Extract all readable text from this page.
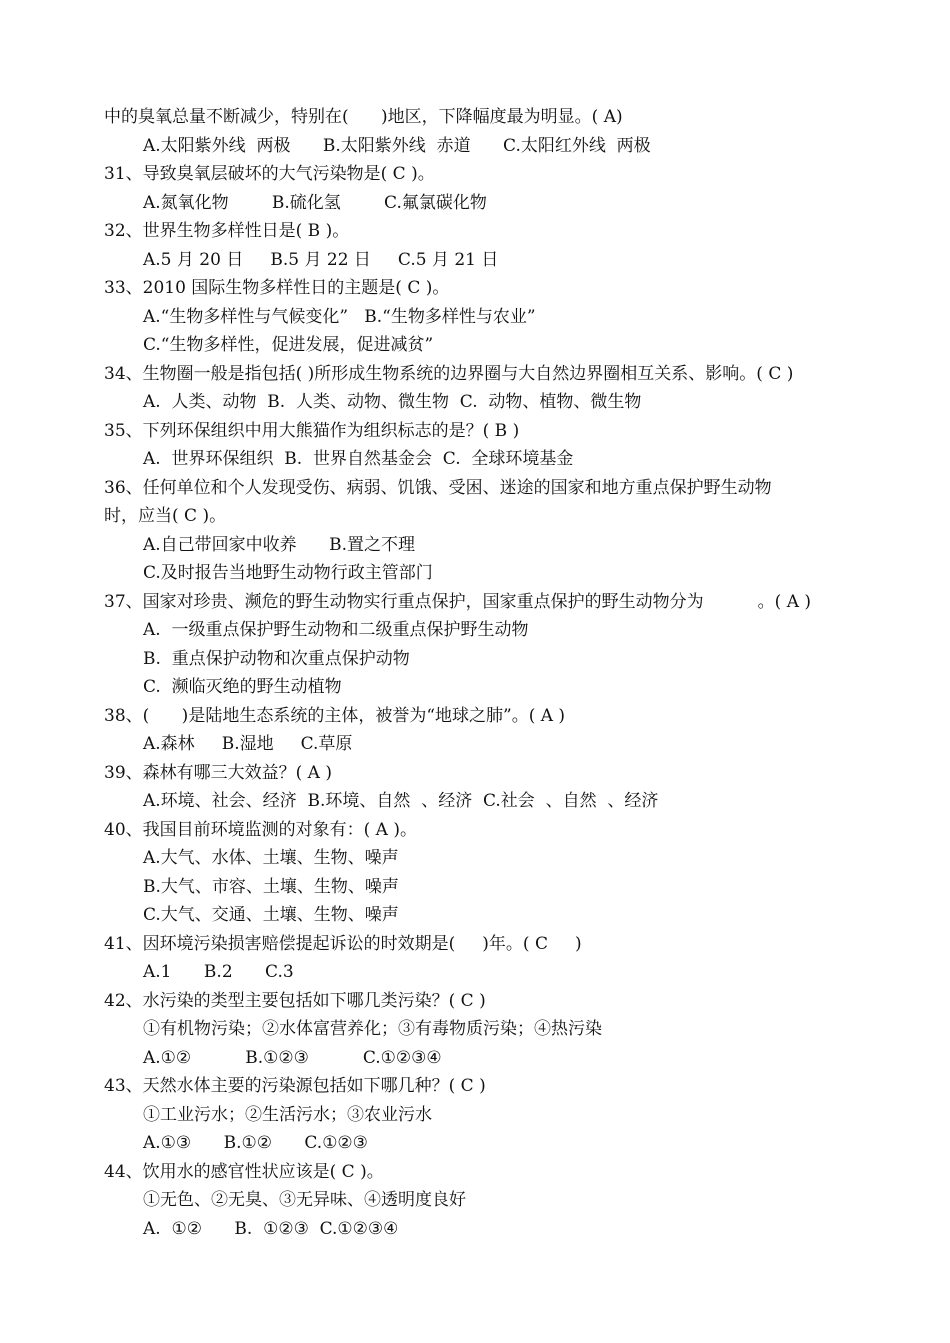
中的臭氧总量不断减少，特别在(      )地区，下降幅度最为明显。( A)
A.太阳紫外线  两极      B.太阳紫外线  赤道      C.太阳红外线  两极
31、导致臭氧层破坏的大气污染物是( C )。
A.氮氧化物        B.硫化氢        C.氟氯碳化物
32、世界生物多样性日是( B )。
A.5 月 20 日     B.5 月 22 日     C.5 月 21 日
33、2010 国际生物多样性日的主题是( C )。
A.“生物多样性与气候变化”   B.“生物多样性与农业”
C.“生物多样性，促进发展，促进减贫”
34、生物圈一般是指包括( )所形成生物系统的边界圈与大自然边界圈相互关系、影响。( C )
A.  人类、动物  B.  人类、动物、微生物  C.  动物、植物、微生物
35、下列环保组织中用大熊猫作为组织标志的是？( B )
A.  世界环保组织  B.  世界自然基金会  C.  全球环境基金
36、任何单位和个人发现受伤、病弱、饥饿、受困、迷途的国家和地方重点保护野生动物
时，应当( C )。
A.自己带回家中收养      B.置之不理
C.及时报告当地野生动物行政主管部门
37、国家对珍贵、濒危的野生动物实行重点保护，国家重点保护的野生动物分为          。( A )
A.  一级重点保护野生动物和二级重点保护野生动物
B.  重点保护动物和次重点保护动物
C.  濒临灭绝的野生动植物
38、(      )是陆地生态系统的主体，被誉为“地球之肺”。( A )
A.森林     B.湿地     C.草原
39、森林有哪三大效益？( A )
A.环境、社会、经济  B.环境、自然  、经济  C.社会  、自然  、经济
40、我国目前环境监测的对象有：( A )。
A.大气、水体、土壤、生物、噪声
B.大气、市容、土壤、生物、噪声
C.大气、交通、土壤、生物、噪声
41、因环境污染损害赔偿提起诉讼的时效期是(     )年。( C     )
A.1      B.2      C.3
42、水污染的类型主要包括如下哪几类污染？( C )
①有机物污染；②水体富营养化；③有毒物质污染；④热污染
A.①②          B.①②③          C.①②③④
43、天然水体主要的污染源包括如下哪几种？( C )
①工业污水；②生活污水；③农业污水
A.①③      B.①②      C.①②③
44、饮用水的感官性状应该是( C )。
①无色、②无臭、③无异味、④透明度良好
A.  ①②      B.  ①②③  C.①②③④
